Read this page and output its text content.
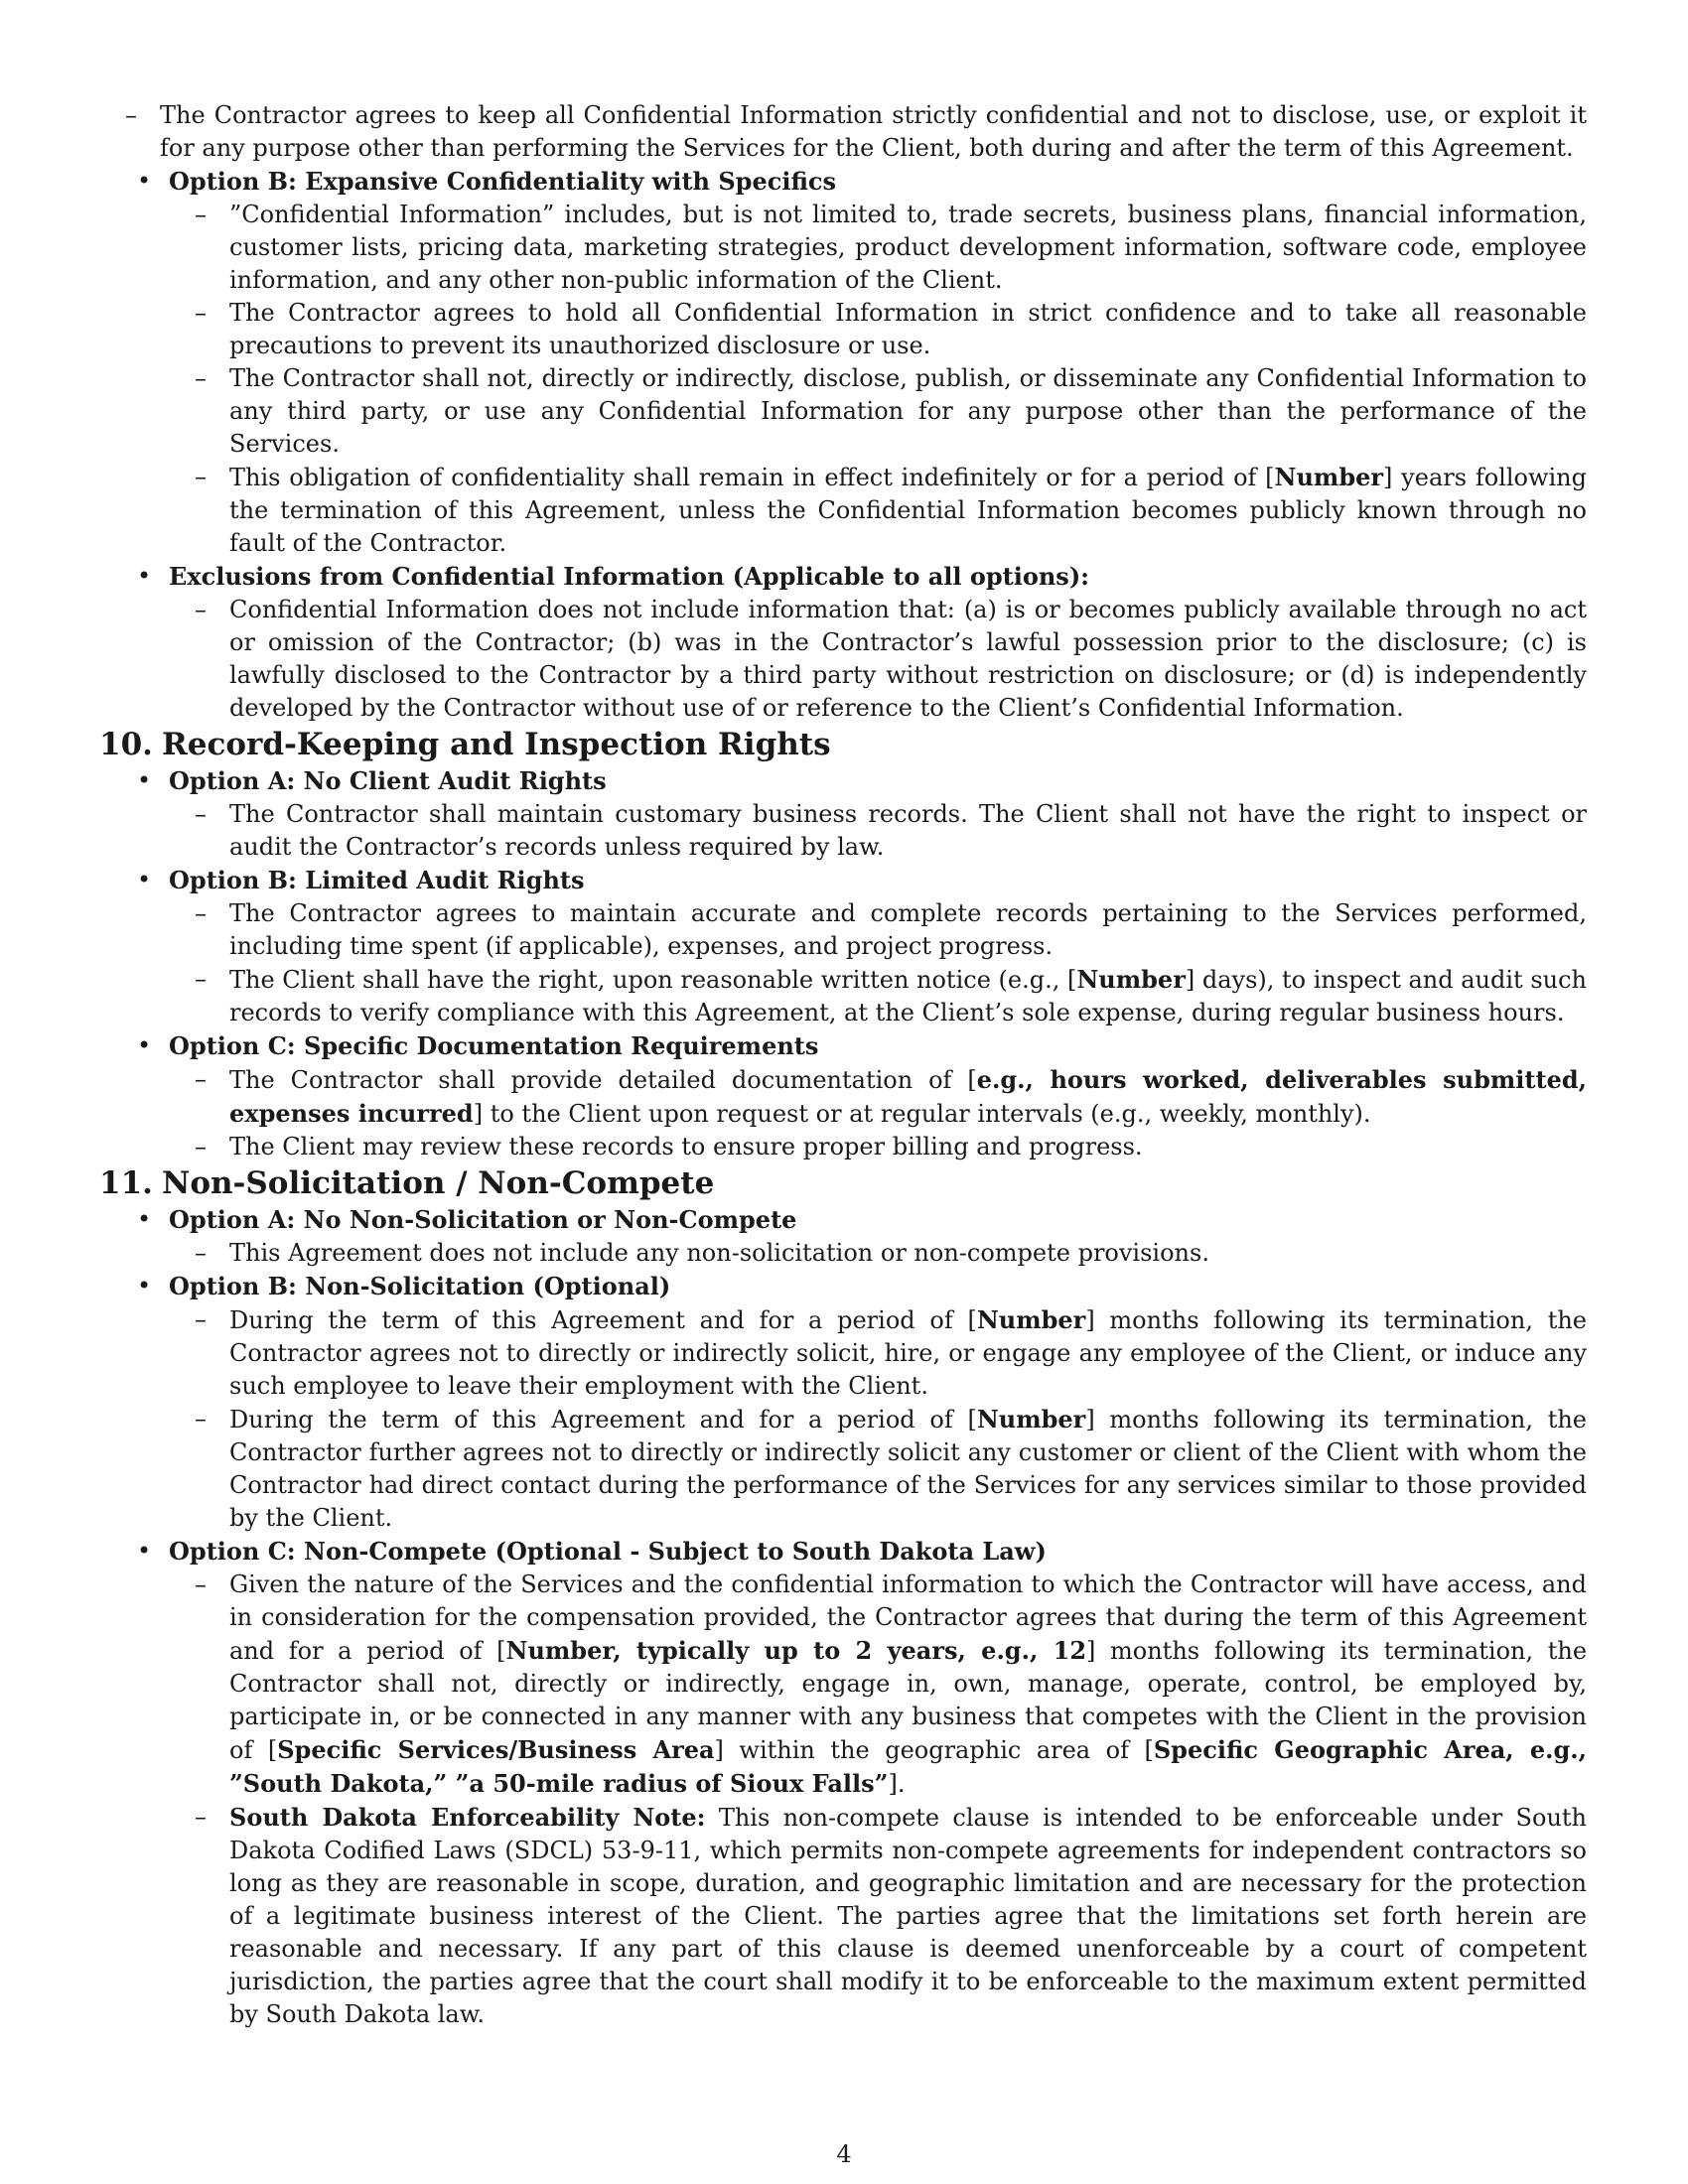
– The Contractor agrees to keep all Confidential Information strictly confidential and not to disclose, use, or exploit it for any purpose other than performing the Services for the Client, both during and after the term of this Agreement.
• Option B: Expansive Confidentiality with Specifics
– ”Confidential Information” includes, but is not limited to, trade secrets, business plans, financial information, customer lists, pricing data, marketing strategies, product development information, software code, employee information, and any other non-public information of the Client.
– The Contractor agrees to hold all Confidential Information in strict confidence and to take all reasonable precautions to prevent its unauthorized disclosure or use.
– The Contractor shall not, directly or indirectly, disclose, publish, or disseminate any Confidential Information to any third party, or use any Confidential Information for any purpose other than the performance of the Services.
– This obligation of confidentiality shall remain in effect indefinitely or for a period of [Number] years following the termination of this Agreement, unless the Confidential Information becomes publicly known through no fault of the Contractor.
• Exclusions from Confidential Information (Applicable to all options):
– Confidential Information does not include information that: (a) is or becomes publicly available through no act or omission of the Contractor; (b) was in the Contractor’s lawful possession prior to the disclosure; (c) is lawfully disclosed to the Contractor by a third party without restriction on disclosure; or (d) is independently developed by the Contractor without use of or reference to the Client’s Confidential Information.
10. Record-Keeping and Inspection Rights
• Option A: No Client Audit Rights
– The Contractor shall maintain customary business records. The Client shall not have the right to inspect or audit the Contractor’s records unless required by law.
• Option B: Limited Audit Rights
– The Contractor agrees to maintain accurate and complete records pertaining to the Services performed, including time spent (if applicable), expenses, and project progress.
– The Client shall have the right, upon reasonable written notice (e.g., [Number] days), to inspect and audit such records to verify compliance with this Agreement, at the Client’s sole expense, during regular business hours.
• Option C: Specific Documentation Requirements
– The Contractor shall provide detailed documentation of [e.g., hours worked, deliverables submitted, expenses incurred] to the Client upon request or at regular intervals (e.g., weekly, monthly).
– The Client may review these records to ensure proper billing and progress.
11. Non-Solicitation / Non-Compete
• Option A: No Non-Solicitation or Non-Compete
– This Agreement does not include any non-solicitation or non-compete provisions.
• Option B: Non-Solicitation (Optional)
– During the term of this Agreement and for a period of [Number] months following its termination, the Contractor agrees not to directly or indirectly solicit, hire, or engage any employee of the Client, or induce any such employee to leave their employment with the Client.
– During the term of this Agreement and for a period of [Number] months following its termination, the Contractor further agrees not to directly or indirectly solicit any customer or client of the Client with whom the Contractor had direct contact during the performance of the Services for any services similar to those provided by the Client.
• Option C: Non-Compete (Optional - Subject to South Dakota Law)
– Given the nature of the Services and the confidential information to which the Contractor will have access, and in consideration for the compensation provided, the Contractor agrees that during the term of this Agreement and for a period of [Number, typically up to 2 years, e.g., 12] months following its termination, the Contractor shall not, directly or indirectly, engage in, own, manage, operate, control, be employed by, participate in, or be connected in any manner with any business that competes with the Client in the provision of [Specific Services/Business Area] within the geographic area of [Specific Geographic Area, e.g., ”South Dakota,” ”a 50-mile radius of Sioux Falls”].
– South Dakota Enforceability Note: This non-compete clause is intended to be enforceable under South Dakota Codified Laws (SDCL) 53-9-11, which permits non-compete agreements for independent contractors so long as they are reasonable in scope, duration, and geographic limitation and are necessary for the protection of a legitimate business interest of the Client. The parties agree that the limitations set forth herein are reasonable and necessary. If any part of this clause is deemed unenforceable by a court of competent jurisdiction, the parties agree that the court shall modify it to be enforceable to the maximum extent permitted by South Dakota law.
4
